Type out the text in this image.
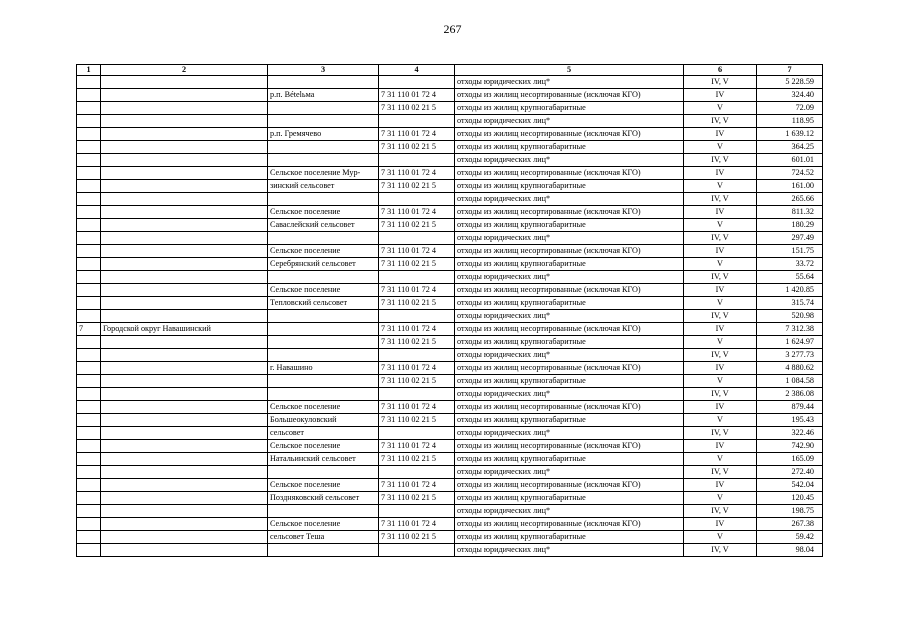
267
1	2	3	4	5	6	7
				отходы юридических лиц*	IV, V	5 228.59
		р.п. Вételьма	7 31 110 01 72 4	отходы из жилищ несортированные (исключая КГО)	IV	324.40
			7 31 110 02 21 5	отходы из жилищ крупногабаритные	V	72.09
				отходы юридических лиц*	IV, V	118.95
		р.п. Гремячево	7 31 110 01 72 4	отходы из жилищ несортированные (исключая КГО)	IV	1 639.12
			7 31 110 02 21 5	отходы из жилищ крупногабаритные	V	364.25
				отходы юридических лиц*	IV, V	601.01
		Сельское поселение Мур-	7 31 110 01 72 4	отходы из жилищ несортированные (исключая КГО)	IV	724.52
		зинский сельсовет	7 31 110 02 21 5	отходы из жилищ крупногабаритные	V	161.00
				отходы юридических лиц*	IV, V	265.66
		Сельское поселение	7 31 110 01 72 4	отходы из жилищ несортированные (исключая КГО)	IV	811.32
		Саваслейский сельсовет	7 31 110 02 21 5	отходы из жилищ крупногабаритные	V	180.29
				отходы юридических лиц*	IV, V	297.49
		Сельское поселение	7 31 110 01 72 4	отходы из жилищ несортированные (исключая КГО)	IV	151.75
		Серебрянский сельсовет	7 31 110 02 21 5	отходы из жилищ крупногабаритные	V	33.72
				отходы юридических лиц*	IV, V	55.64
		Сельское поселение	7 31 110 01 72 4	отходы из жилищ несортированные (исключая КГО)	IV	1 420.85
		Тепловский сельсовет	7 31 110 02 21 5	отходы из жилищ крупногабаритные	V	315.74
				отходы юридических лиц*	IV, V	520.98
7	Городской округ Навашинский		7 31 110 01 72 4	отходы из жилищ несортированные (исключая КГО)	IV	7 312.38
			7 31 110 02 21 5	отходы из жилищ крупногабаритные	V	1 624.97
				отходы юридических лиц*	IV, V	3 277.73
		г. Навашино	7 31 110 01 72 4	отходы из жилищ несортированные (исключая КГО)	IV	4 880.62
			7 31 110 02 21 5	отходы из жилищ крупногабаритные	V	1 084.58
				отходы юридических лиц*	IV, V	2 386.08
		Сельское поселение	7 31 110 01 72 4	отходы из жилищ несортированные (исключая КГО)	IV	879.44
		Большеокуловский	7 31 110 02 21 5	отходы из жилищ крупногабаритные	V	195.43
		сельсовет		отходы юридических лиц*	IV, V	322.46
		Сельское поселение	7 31 110 01 72 4	отходы из жилищ несортированные (исключая КГО)	IV	742.90
		Натальинский сельсовет	7 31 110 02 21 5	отходы из жилищ крупногабаритные	V	165.09
				отходы юридических лиц*	IV, V	272.40
		Сельское поселение	7 31 110 01 72 4	отходы из жилищ несортированные (исключая КГО)	IV	542.04
		Поздняковский сельсовет	7 31 110 02 21 5	отходы из жилищ крупногабаритные	V	120.45
				отходы юридических лиц*	IV, V	198.75
		Сельское поселение	7 31 110 01 72 4	отходы из жилищ несортированные (исключая КГО)	IV	267.38
		сельсовет Теша	7 31 110 02 21 5	отходы из жилищ крупногабаритные	V	59.42
				отходы юридических лиц*	IV, V	98.04
